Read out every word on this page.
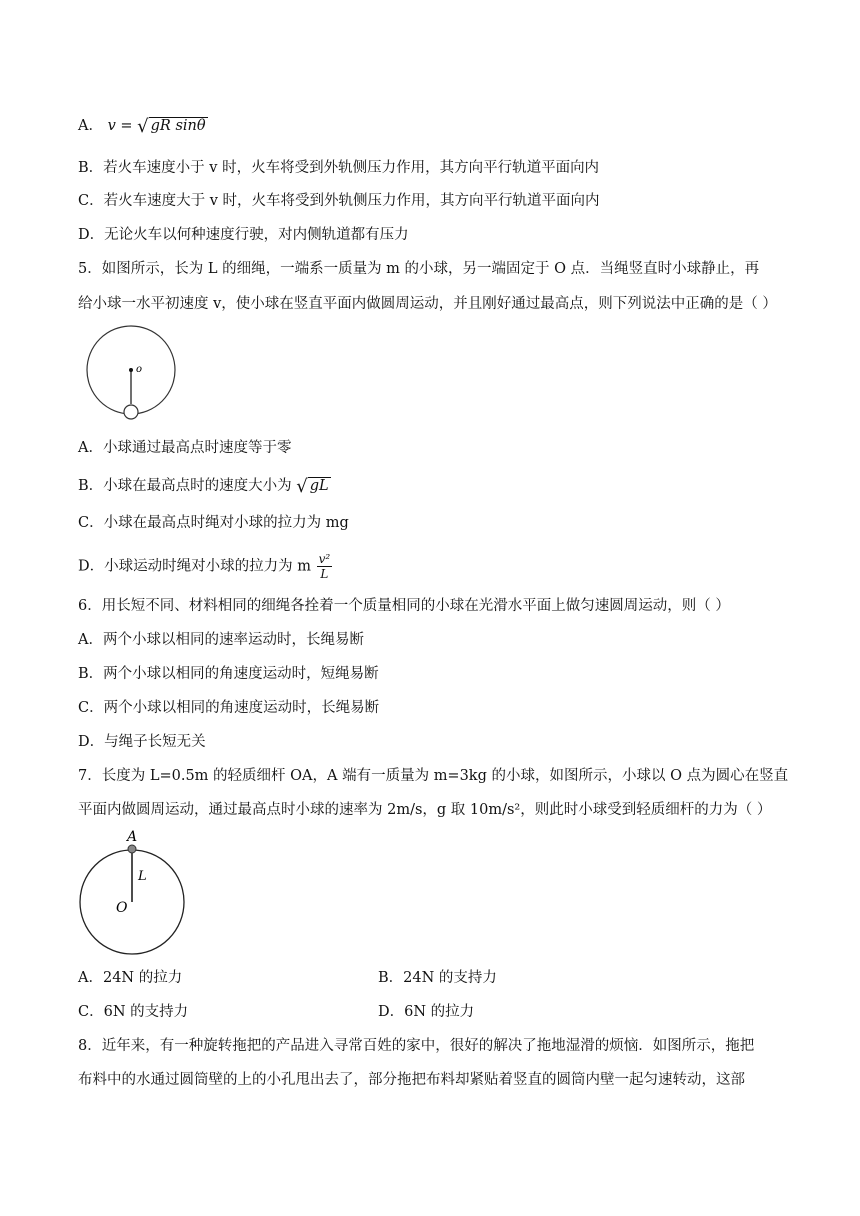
A． v = √ gR sinθ
B．若火车速度小于 v 时，火车将受到外轨侧压力作用，其方向平行轨道平面向内
C．若火车速度大于 v 时，火车将受到外轨侧压力作用，其方向平行轨道平面向内
D．无论火车以何种速度行驶，对内侧轨道都有压力
5．如图所示，长为 L 的细绳，一端系一质量为 m 的小球，另一端固定于 O 点．当绳竖直时小球静止，再
给小球一水平初速度 v，使小球在竖直平面内做圆周运动，并且刚好通过最高点，则下列说法中正确的是（ ）
o
A．小球通过最高点时速度等于零
B．小球在最高点时的速度大小为 √ gL
C．小球在最高点时绳对小球的拉力为 mg
D．小球运动时绳对小球的拉力为 m $\frac{\text{v²}}{L}$
6．用长短不同、材料相同的细绳各拴着一个质量相同的小球在光滑水平面上做匀速圆周运动，则（ ）
A．两个小球以相同的速率运动时，长绳易断
B．两个小球以相同的角速度运动时，短绳易断
C．两个小球以相同的角速度运动时，长绳易断
D．与绳子长短无关
7．长度为 L=0.5m 的轻质细杆 OA，A 端有一质量为 m=3kg 的小球，如图所示，小球以 O 点为圆心在竖直
平面内做圆周运动，通过最高点时小球的速率为 2m/s，g 取 10m/s²，则此时小球受到轻质细杆的力为（ ）
A
L
O
A．24N 的拉力	B．24N 的支持力
C．6N 的支持力	D．6N 的拉力
8．近年来，有一种旋转拖把的产品进入寻常百姓的家中，很好的解决了拖地湿滑的烦恼．如图所示，拖把
布料中的水通过圆筒壁的上的小孔甩出去了，部分拖把布料却紧贴着竖直的圆筒内壁一起匀速转动，这部
